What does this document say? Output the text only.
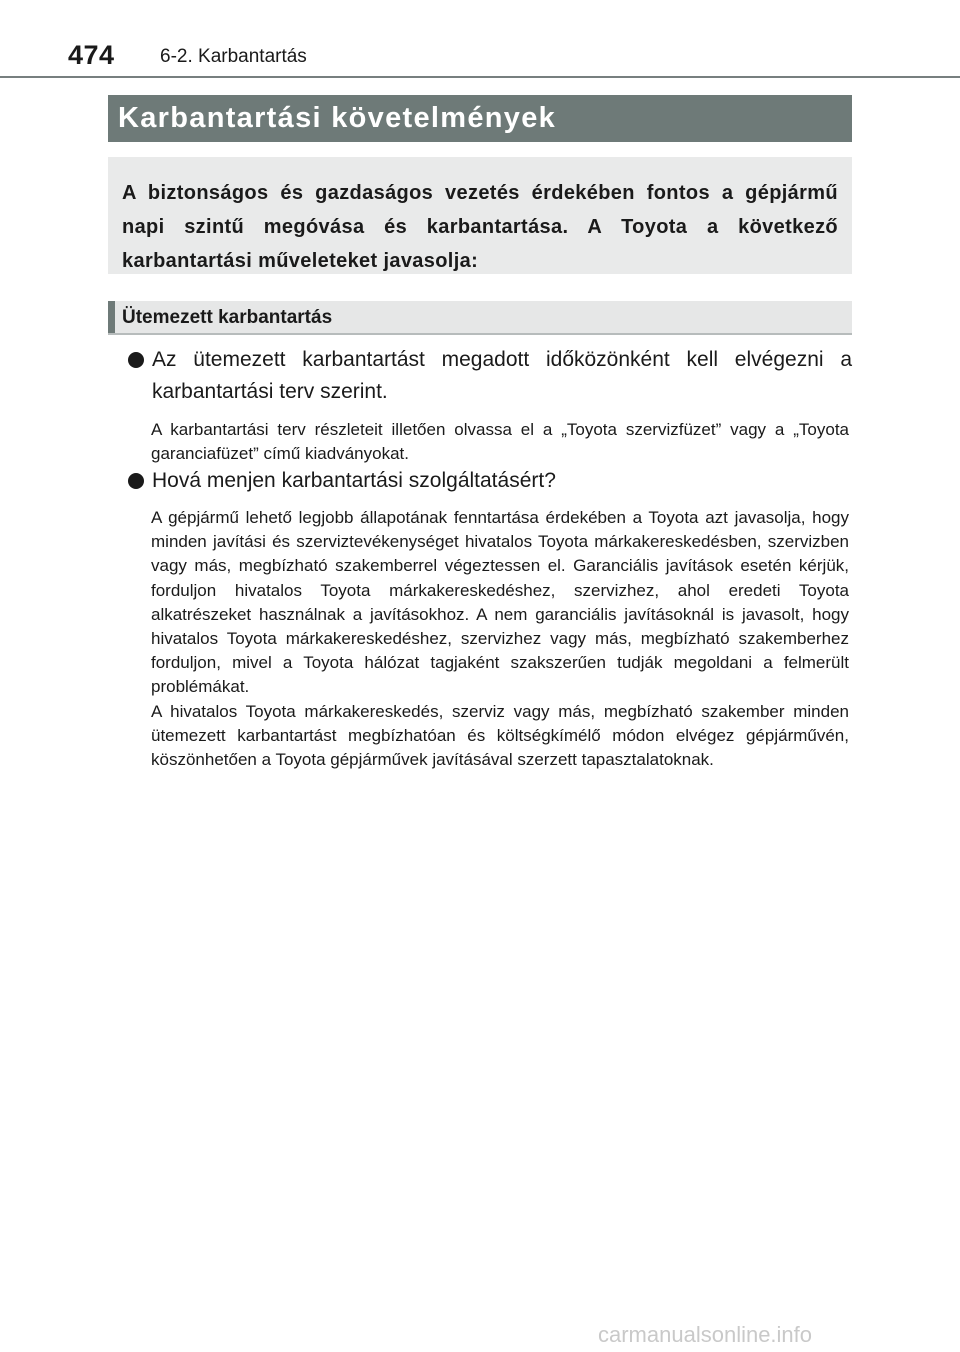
474 6-2. Karbantartás
Karbantartási követelmények

A biztonságos és gazdaságos vezetés érdekében fontos a gépjármű napi szintű megóvása és karbantartása. A Toyota a következő karbantartási műveleteket javasolja:

Ütemezett karbantartás

Az ütemezett karbantartást megadott időközönként kell elvégezni a karbantartási terv szerint.

A karbantartási terv részleteit illetően olvassa el a „Toyota szervizfüzet” vagy a „Toyota garanciafüzet” című kiadványokat.

Hová menjen karbantartási szolgáltatásért?

A gépjármű lehető legjobb állapotának fenntartása érdekében a Toyota azt javasolja, hogy minden javítási és szerviztevékenységet hivatalos Toyota márkakereskedésben, szervizben vagy más, megbízható szakemberrel végeztessen el. Garanciális javítások esetén kérjük, forduljon hivatalos Toyota márkakereskedéshez, szervizhez, ahol eredeti Toyota alkatrészeket használnak a javításokhoz. A nem garanciális javításoknál is javasolt, hogy hivatalos Toyota márkakereskedéshez, szervizhez vagy más, megbízható szakemberhez forduljon, mivel a Toyota hálózat tagjaként szakszerűen tudják megoldani a felmerült problémákat.
A hivatalos Toyota márkakereskedés, szerviz vagy más, megbízható szakember minden ütemezett karbantartást megbízhatóan és költségkímélő módon elvégez gépjárművén, köszönhetően a Toyota gépjárművek javításával szerzett tapasztalatoknak.

carmanualsonline.info
